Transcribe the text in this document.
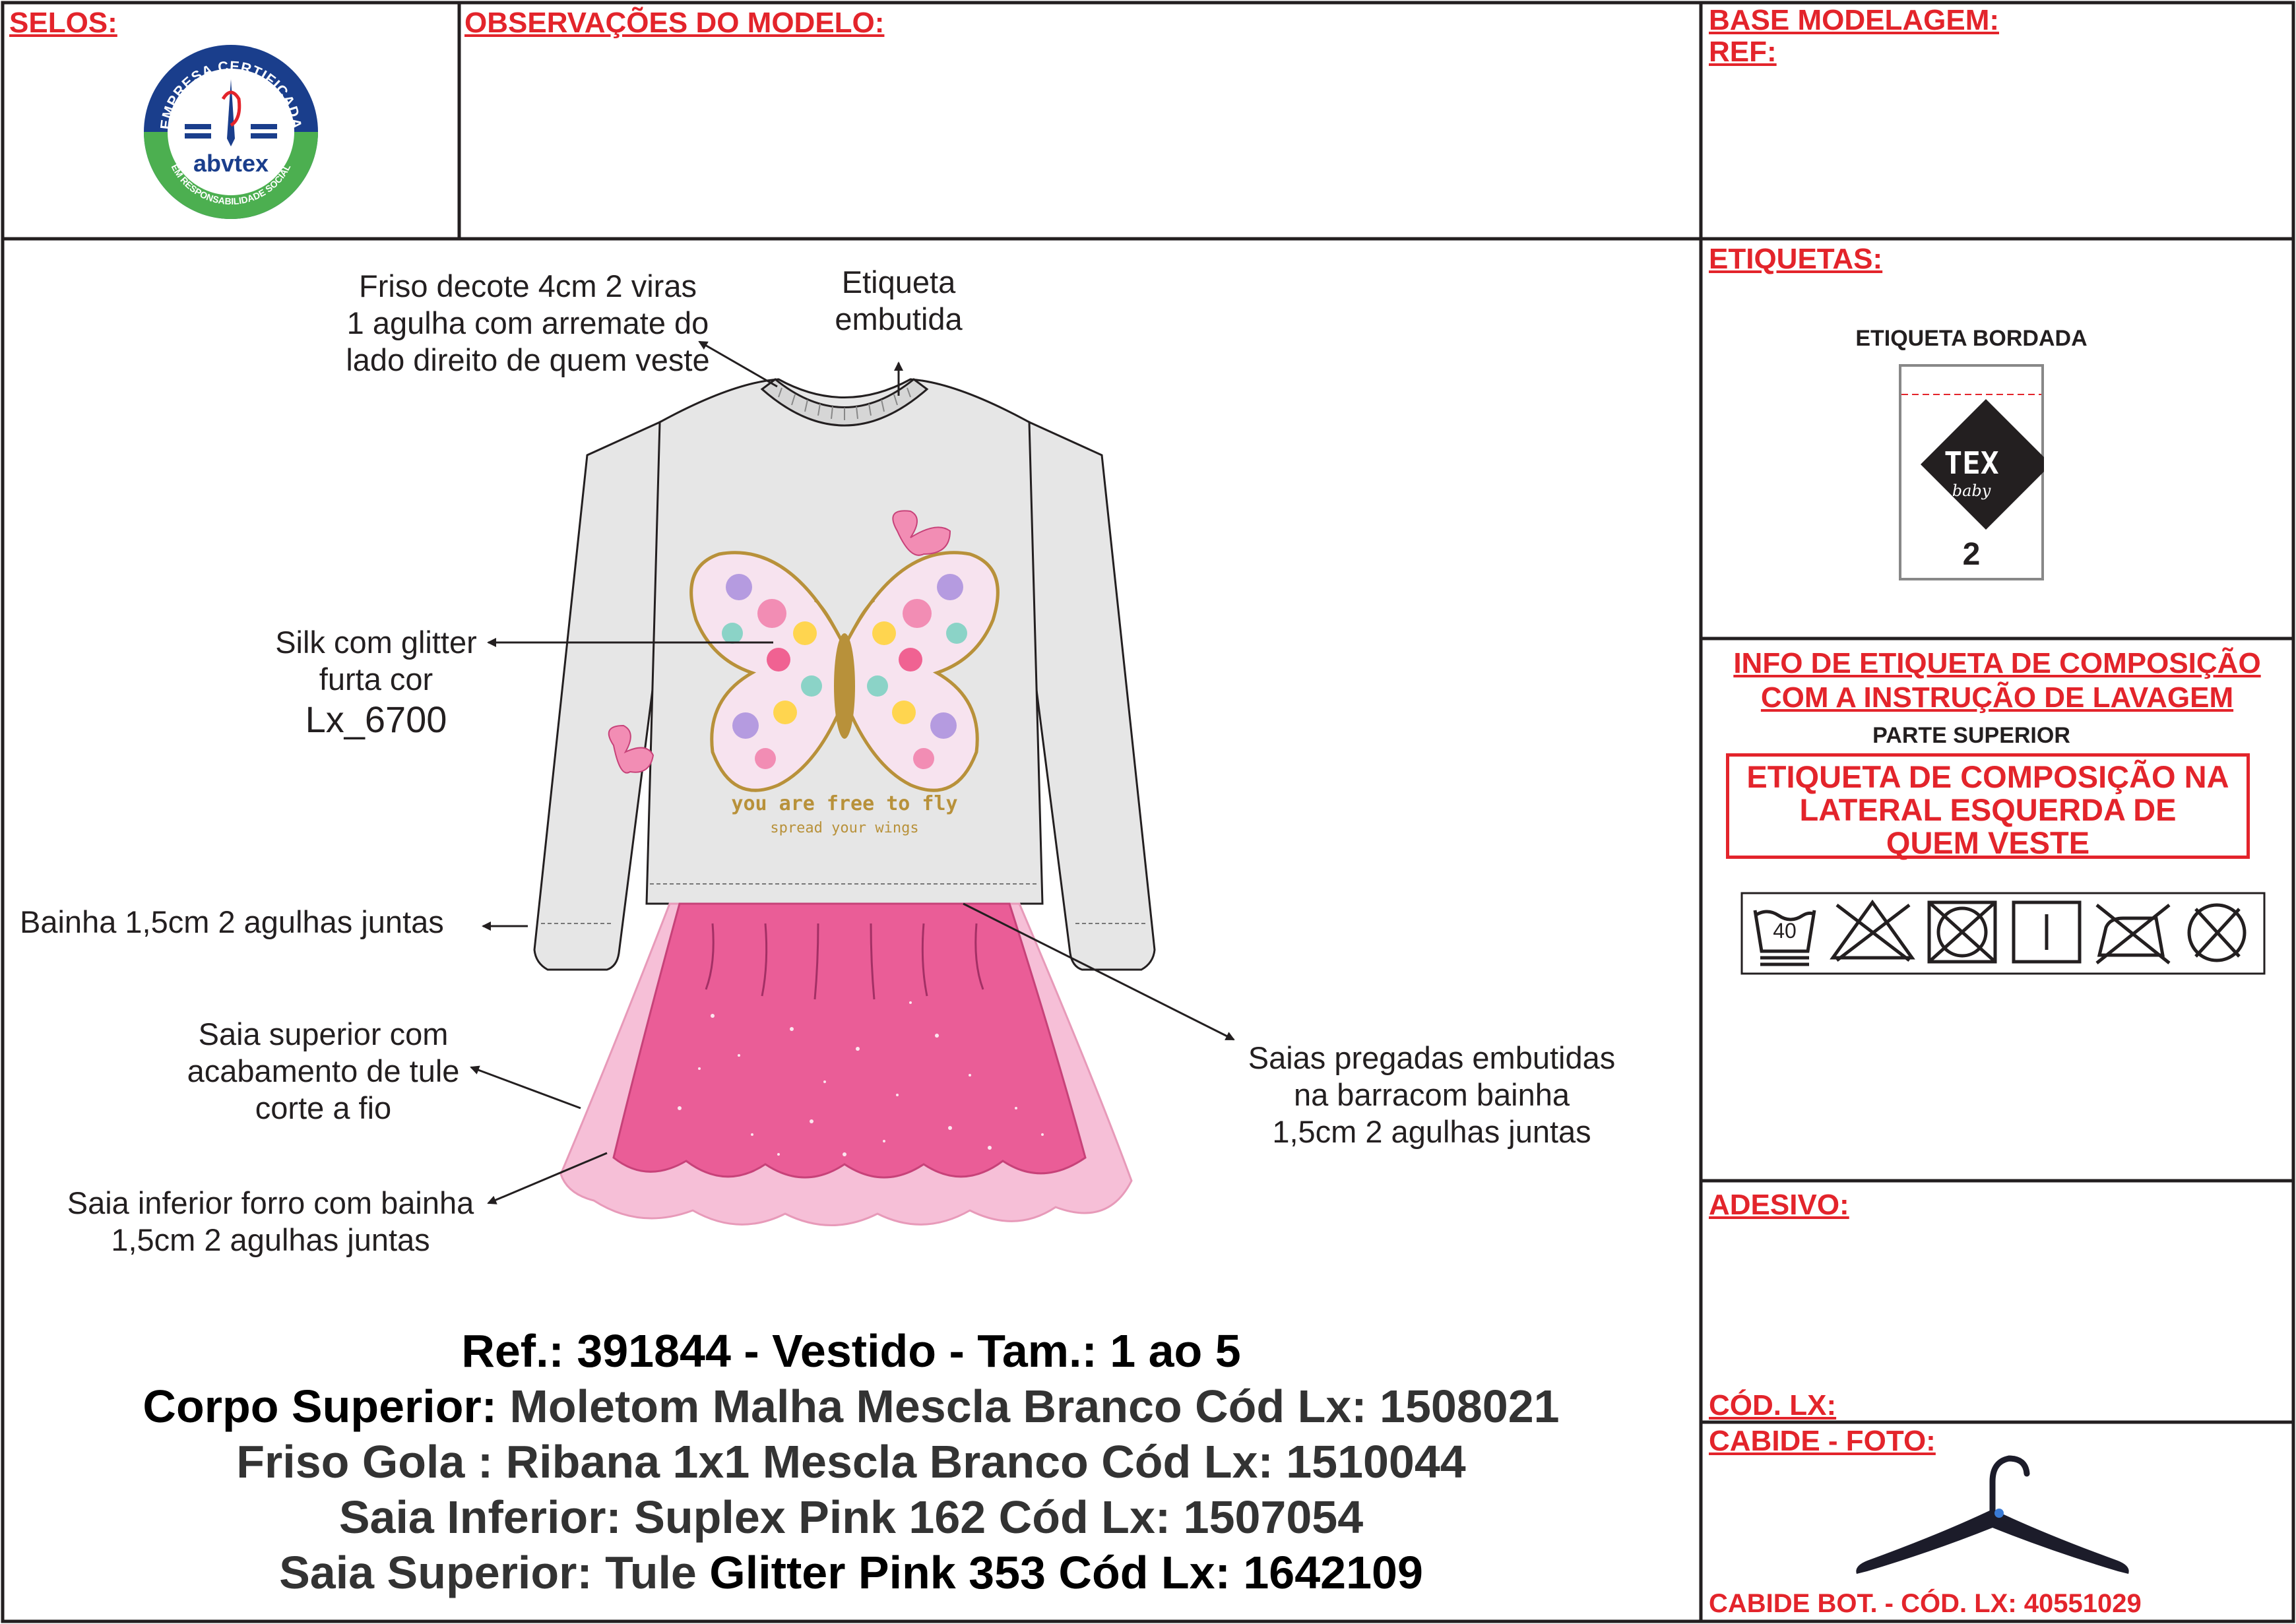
SELOS:	OBSERVAÇÕES DO MODELO:	BASE MODELAGEM:
REF:
EMPRESA CERTIFICADA
EM RESPONSABILIDADE SOCIAL
abvtex
you are free to fly
spread your wings
Friso decote 4cm 2 viras
1 agulha com arremate do
lado direito de quem veste
Etiqueta
embutida
Silk com glitter
furta cor
Lx_6700
Bainha 1,5cm 2 agulhas juntas
Saia superior com
acabamento de tule
corte a fio
Saia inferior forro com bainha
1,5cm 2 agulhas juntas
Saias pregadas embutidas
na barracom bainha
1,5cm 2 agulhas juntas
Ref.: 391844 - Vestido - Tam.: 1 ao 5
Corpo Superior: Moletom Malha Mescla Branco Cód Lx: 1508021
Friso Gola : Ribana 1x1 Mescla Branco Cód Lx: 1510044
Saia Inferior: Suplex Pink 162 Cód Lx: 1507054
Saia Superior: Tule Glitter Pink 353 Cód Lx: 1642109
ETIQUETAS:
ETIQUETA BORDADA
TEX
baby
2
INFO DE ETIQUETA DE COMPOSIÇÃO
COM A INSTRUÇÃO DE LAVAGEM
PARTE SUPERIOR
ETIQUETA DE COMPOSIÇÃO NA
LATERAL ESQUERDA DE
QUEM VESTE
40
ADESIVO:
CÓD. LX:
CABIDE - FOTO:
CABIDE BOT. - CÓD. LX: 40551029
